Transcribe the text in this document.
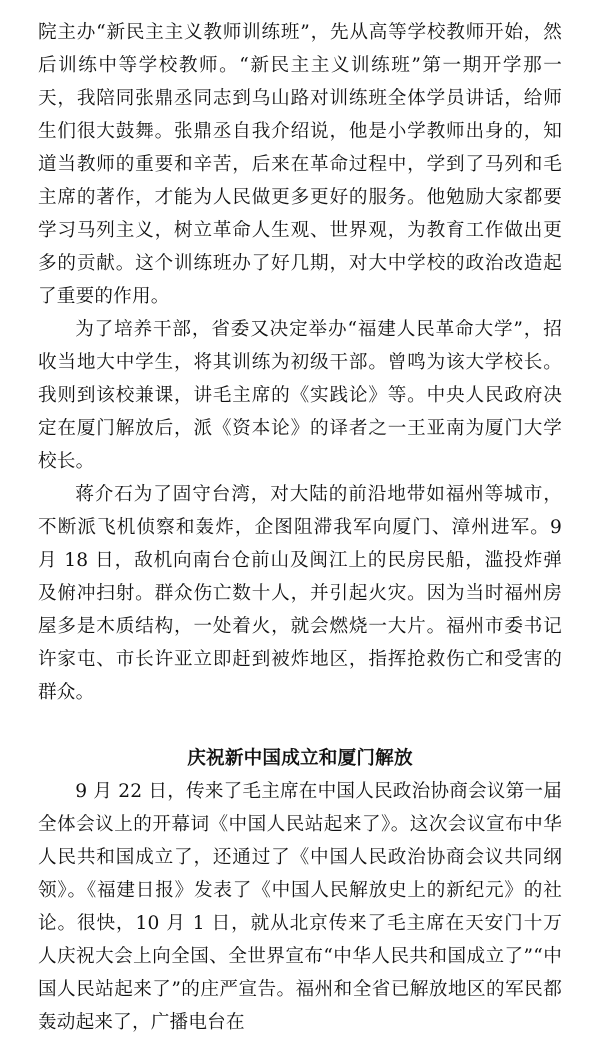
院主办“新民主主义教师训练班”，先从高等学校教师开始，然后训练中等学校教师。“新民主主义训练班”第一期开学那一天，我陪同张鼎丞同志到乌山路对训练班全体学员讲话，给师生们很大鼓舞。张鼎丞自我介绍说，他是小学教师出身的，知道当教师的重要和辛苦，后来在革命过程中，学到了马列和毛主席的著作，才能为人民做更多更好的服务。他勉励大家都要学习马列主义，树立革命人生观、世界观，为教育工作做出更多的贡献。这个训练班办了好几期，对大中学校的政治改造起了重要的作用。

为了培养干部，省委又决定举办“福建人民革命大学”，招收当地大中学生，将其训练为初级干部。曾鸣为该大学校长。我则到该校兼课，讲毛主席的《实践论》等。中央人民政府决定在厦门解放后，派《资本论》的译者之一王亚南为厦门大学校长。

蒋介石为了固守台湾，对大陆的前沿地带如福州等城市，不断派飞机侦察和轰炸，企图阻滞我军向厦门、漳州进军。9 月 18 日，敌机向南台仓前山及闽江上的民房民船，滥投炸弹及俯冲扫射。群众伤亡数十人，并引起火灾。因为当时福州房屋多是木质结构，一处着火，就会燃烧一大片。福州市委书记许家屯、市长许亚立即赶到被炸地区，指挥抢救伤亡和受害的群众。

庆祝新中国成立和厦门解放

9 月 22 日，传来了毛主席在中国人民政治协商会议第一届全体会议上的开幕词《中国人民站起来了》。这次会议宣布中华人民共和国成立了，还通过了《中国人民政治协商会议共同纲领》。《福建日报》发表了《中国人民解放史上的新纪元》的社论。很快，10 月 1 日，就从北京传来了毛主席在天安门十万人庆祝大会上向全国、全世界宣布“中华人民共和国成立了”“中国人民站起来了”的庄严宣告。福州和全省已解放地区的军民都轰动起来了，广播电台在
